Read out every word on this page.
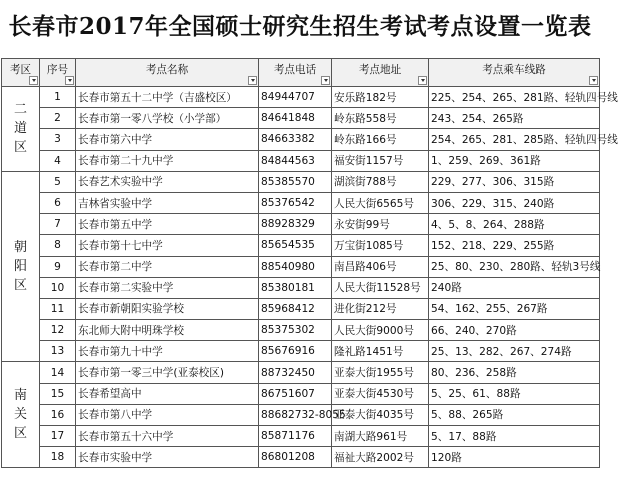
长春市2017年全国硕士研究生招生考试考点设置一览表
考区	序号	考点名称	考点电话	考点地址	考点乘车线路

二道区	1	长春市第五十二中学（吉盛校区）	84944707	安乐路182号	225、254、265、281路、轻轨四号线
	2	长春市第一零八学校（小学部）	84641848	岭东路558号	243、254、265路
	3	长春市第六中学	84663382	岭东路166号	254、265、281、285路、轻轨四号线
	4	长春市第二十九中学	84844563	福安街1157号	1、259、269、361路

朝阳区	5	长春艺术实验中学	85385570	湖滨街788号	229、277、306、315路
	6	吉林省实验中学	85376542	人民大街6565号	306、229、315、240路
	7	长春市第五中学	88928329	永安街99号	4、5、8、264、288路
	8	长春市第十七中学	85654535	万宝街1085号	152、218、229、255路
	9	长春市第二中学	88540980	南昌路406号	25、80、230、280路、轻轨3号线
	10	长春市第二实验中学	85380181	人民大街11528号	240路
	11	长春市新朝阳实验学校	85968412	进化街212号	54、162、255、267路
	12	东北师大附中明珠学校	85375302	人民大街9000号	66、240、270路
	13	长春市第九十中学	85676916	隆礼路1451号	25、13、282、267、274路

南关区	14	长春市第一零三中学(亚泰校区)	88732450	亚泰大街1955号	80、236、258路
	15	长春希望高中	86751607	亚泰大街4530号	5、25、61、88路
	16	长春市第八中学	88682732-8055	亚泰大街4035号	5、88、265路
	17	长春市第五十六中学	85871176	南湖大路961号	5、17、88路
	18	长春市实验中学	86801208	福祉大路2002号	120路
